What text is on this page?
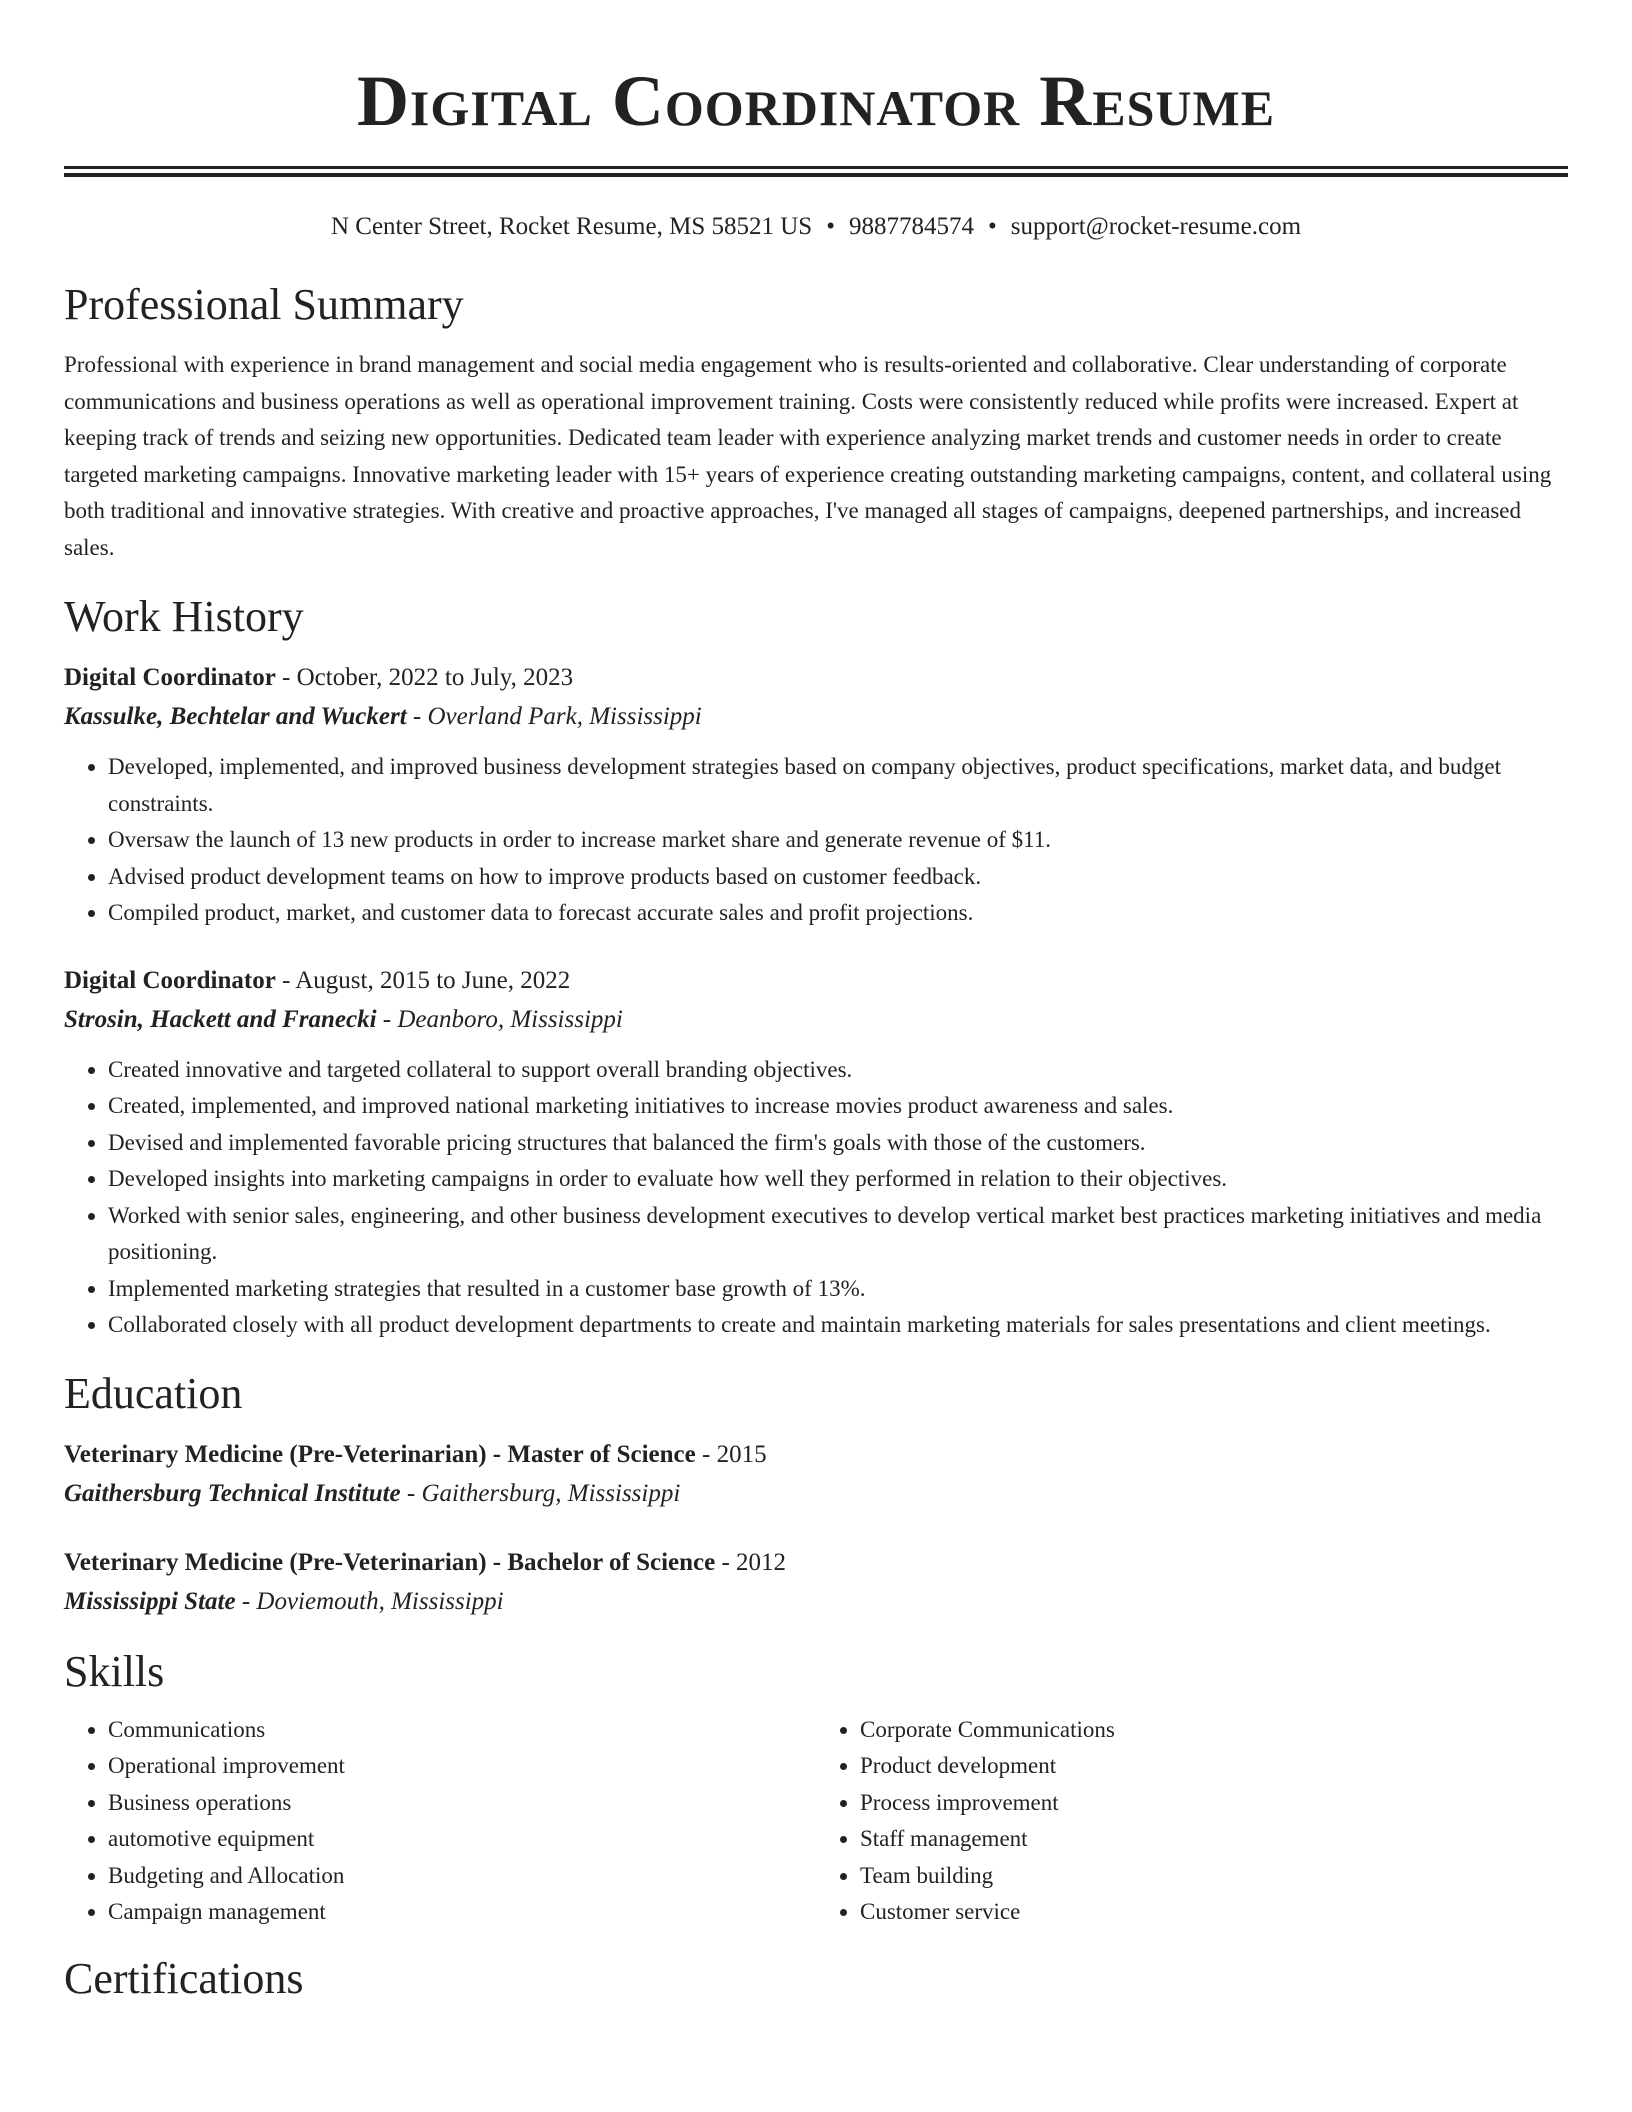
Digital Coordinator Resume
N Center Street, Rocket Resume, MS 58521 US • 9887784574 • support@rocket-resume.com
Professional Summary

Professional with experience in brand management and social media engagement who is results-oriented and collaborative. Clear understanding of corporate communications and business operations as well as operational improvement training. Costs were consistently reduced while profits were increased. Expert at keeping track of trends and seizing new opportunities. Dedicated team leader with experience analyzing market trends and customer needs in order to create targeted marketing campaigns. Innovative marketing leader with 15+ years of experience creating outstanding marketing campaigns, content, and collateral using both traditional and innovative strategies. With creative and proactive approaches, I've managed all stages of campaigns, deepened partnerships, and increased sales.

Work History
Digital Coordinator - October, 2022 to July, 2023
Kassulke, Bechtelar and Wuckert - Overland Park, Mississippi
• Developed, implemented, and improved business development strategies based on company objectives, product specifications, market data, and budget constraints.
• Oversaw the launch of 13 new products in order to increase market share and generate revenue of $11.
• Advised product development teams on how to improve products based on customer feedback.
• Compiled product, market, and customer data to forecast accurate sales and profit projections.
Digital Coordinator - August, 2015 to June, 2022
Strosin, Hackett and Franecki - Deanboro, Mississippi
• Created innovative and targeted collateral to support overall branding objectives.
• Created, implemented, and improved national marketing initiatives to increase movies product awareness and sales.
• Devised and implemented favorable pricing structures that balanced the firm's goals with those of the customers.
• Developed insights into marketing campaigns in order to evaluate how well they performed in relation to their objectives.
• Worked with senior sales, engineering, and other business development executives to develop vertical market best practices marketing initiatives and media positioning.
• Implemented marketing strategies that resulted in a customer base growth of 13%.
• Collaborated closely with all product development departments to create and maintain marketing materials for sales presentations and client meetings.
Education
Veterinary Medicine (Pre-Veterinarian) - Master of Science - 2015
Gaithersburg Technical Institute - Gaithersburg, Mississippi
Veterinary Medicine (Pre-Veterinarian) - Bachelor of Science - 2012
Mississippi State - Doviemouth, Mississippi
Skills
• Communications
• Operational improvement
• Business operations
• automotive equipment
• Budgeting and Allocation
• Campaign management
• Corporate Communications
• Product development
• Process improvement
• Staff management
• Team building
• Customer service
Certifications
